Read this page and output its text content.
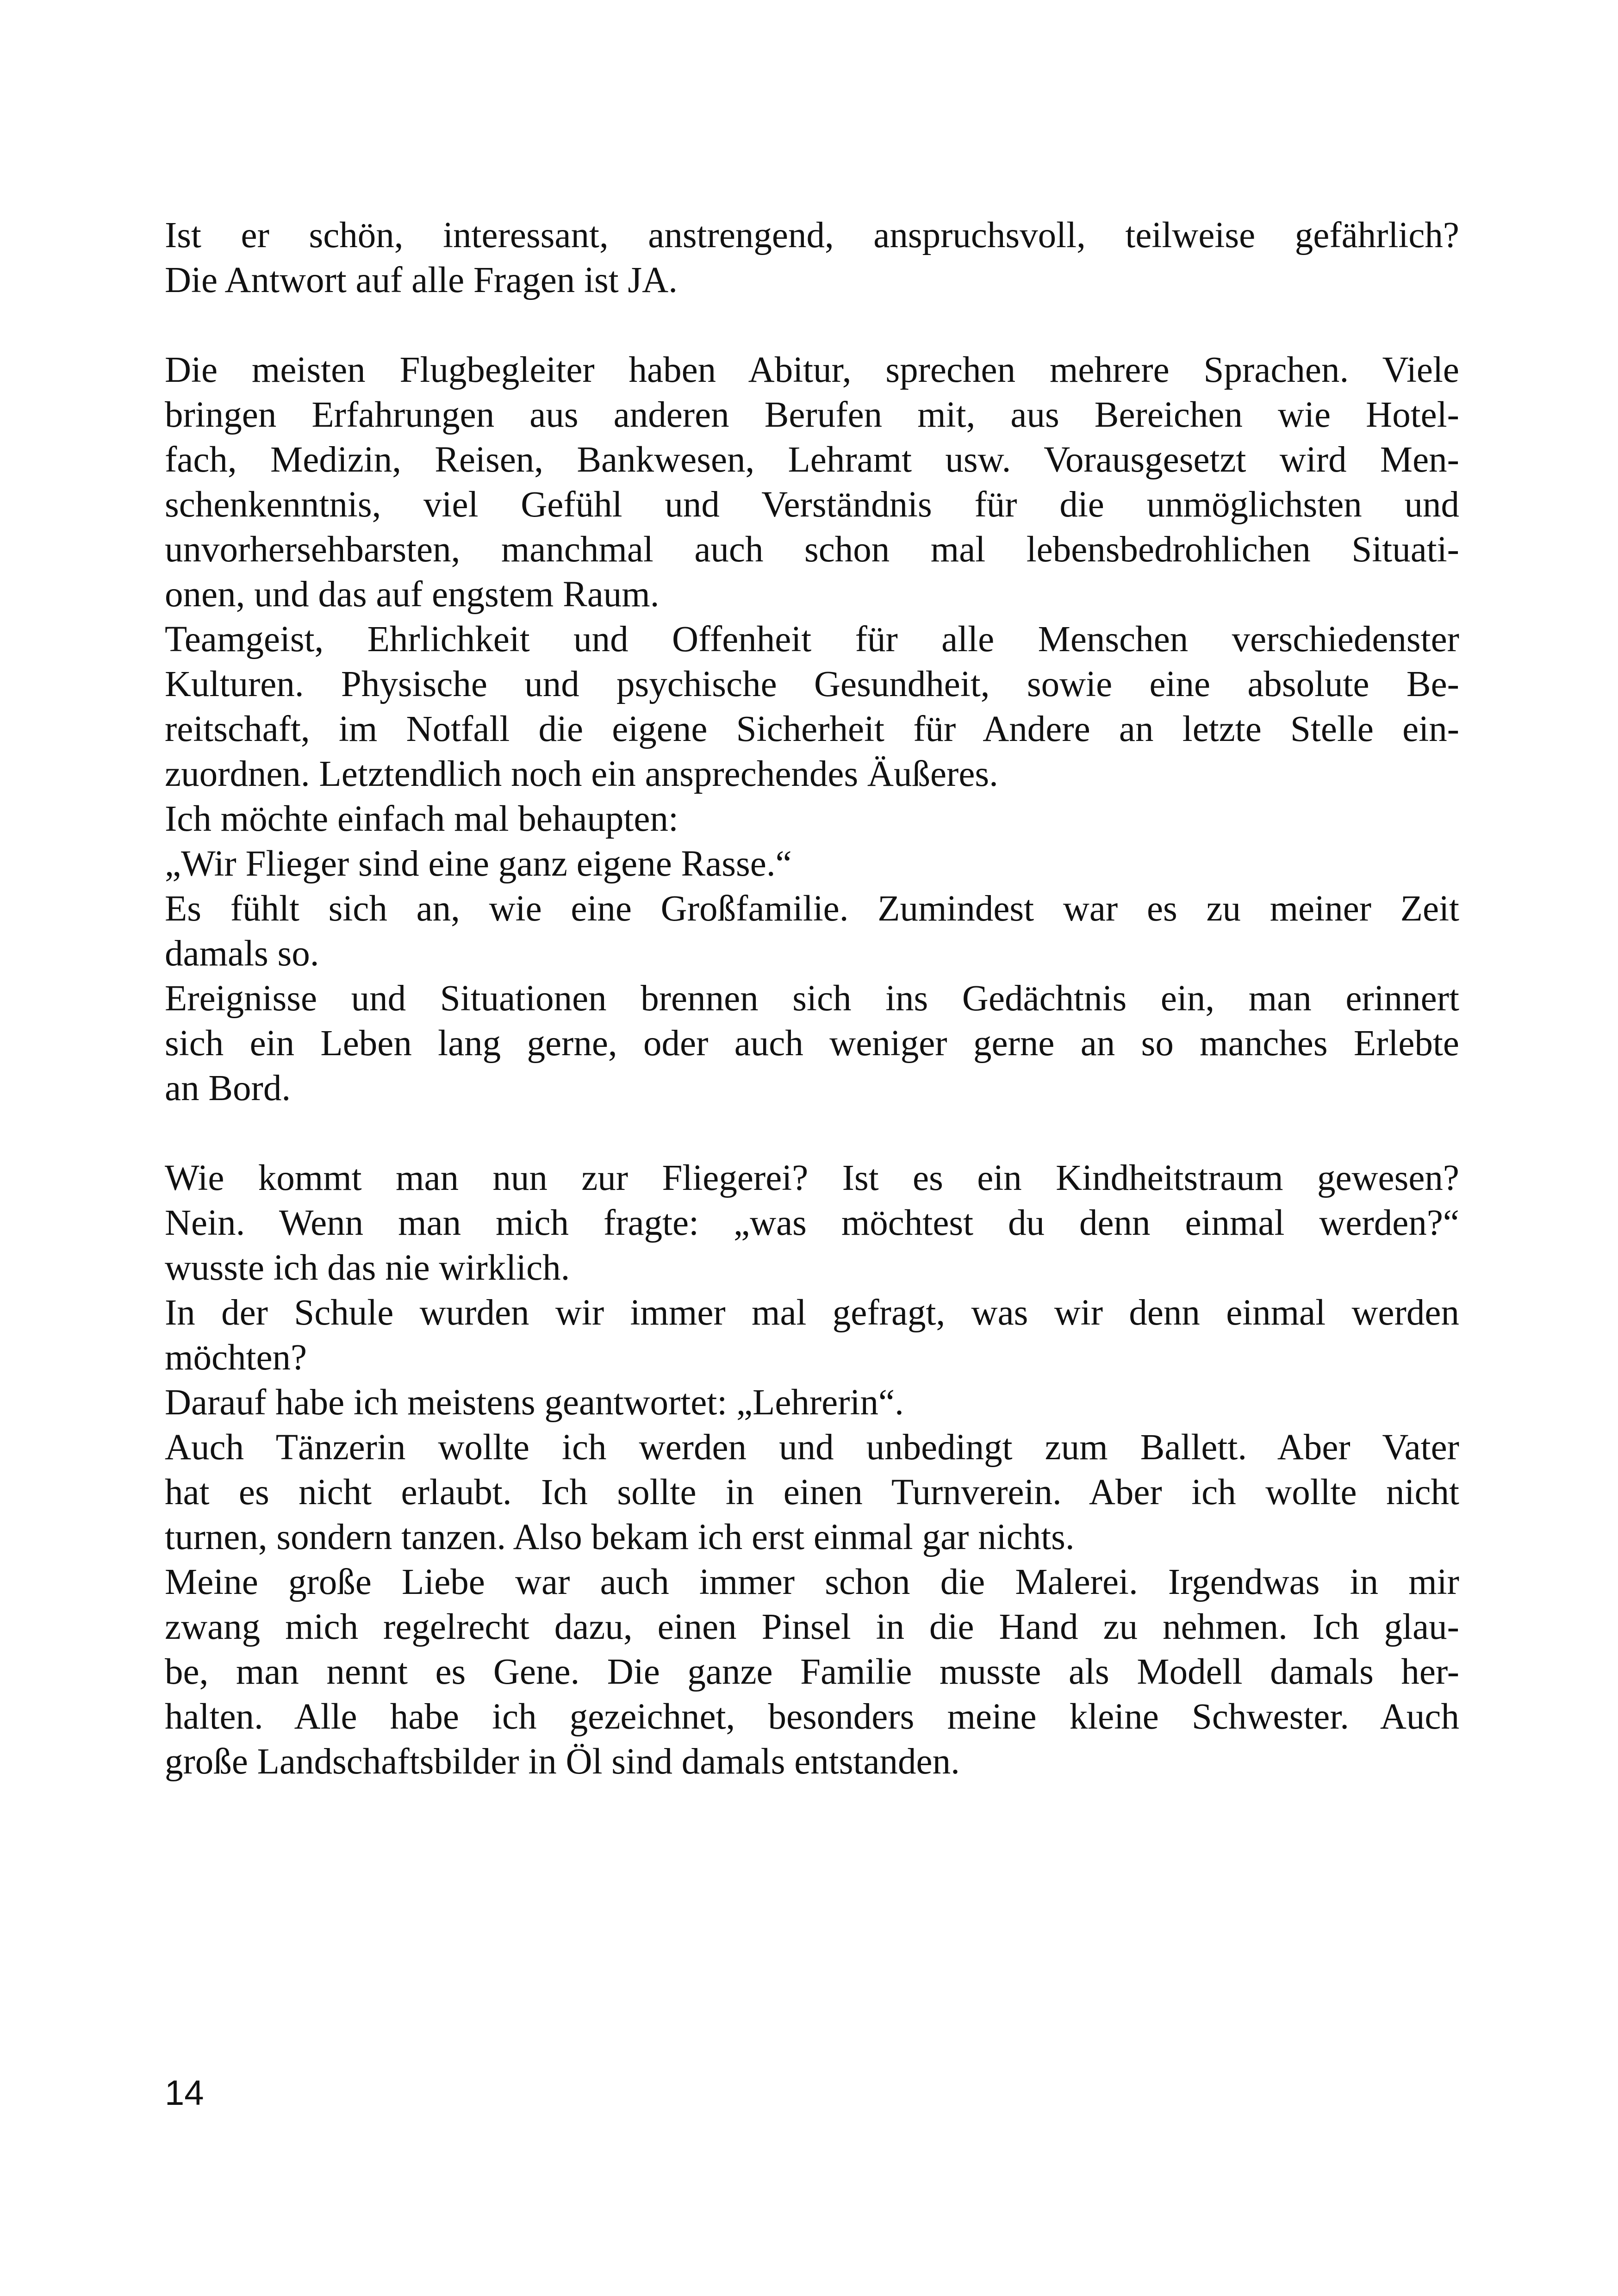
Ist er schön, interessant, anstrengend, anspruchsvoll, teilweise gefährlich?
Die Antwort auf alle Fragen ist JA.
Die meisten Flugbegleiter haben Abitur, sprechen mehrere Sprachen. Viele
bringen Erfahrungen aus anderen Berufen mit, aus Bereichen wie Hotel-
fach, Medizin, Reisen, Bankwesen, Lehramt usw. Vorausgesetzt wird Men-
schenkenntnis, viel Gefühl und Verständnis für die unmöglichsten und
unvorhersehbarsten, manchmal auch schon mal lebensbedrohlichen Situati-
onen, und das auf engstem Raum.
Teamgeist, Ehrlichkeit und Offenheit für alle Menschen verschiedenster
Kulturen. Physische und psychische Gesundheit, sowie eine absolute Be-
reitschaft, im Notfall die eigene Sicherheit für Andere an letzte Stelle ein-
zuordnen. Letztendlich noch ein ansprechendes Äußeres.
Ich möchte einfach mal behaupten:
„Wir Flieger sind eine ganz eigene Rasse.“
Es fühlt sich an, wie eine Großfamilie. Zumindest war es zu meiner Zeit
damals so.
Ereignisse und Situationen brennen sich ins Gedächtnis ein, man erinnert
sich ein Leben lang gerne, oder auch weniger gerne an so manches Erlebte
an Bord.
Wie kommt man nun zur Fliegerei? Ist es ein Kindheitstraum gewesen?
Nein. Wenn man mich fragte: „was möchtest du denn einmal werden?“
wusste ich das nie wirklich.
In der Schule wurden wir immer mal gefragt, was wir denn einmal werden
möchten?
Darauf habe ich meistens geantwortet: „Lehrerin“.
Auch Tänzerin wollte ich werden und unbedingt zum Ballett. Aber Vater
hat es nicht erlaubt. Ich sollte in einen Turnverein. Aber ich wollte nicht
turnen, sondern tanzen. Also bekam ich erst einmal gar nichts.
Meine große Liebe war auch immer schon die Malerei. Irgendwas in mir
zwang mich regelrecht dazu, einen Pinsel in die Hand zu nehmen. Ich glau-
be, man nennt es Gene. Die ganze Familie musste als Modell damals her-
halten. Alle habe ich gezeichnet, besonders meine kleine Schwester. Auch
große Landschaftsbilder in Öl sind damals entstanden.
14
